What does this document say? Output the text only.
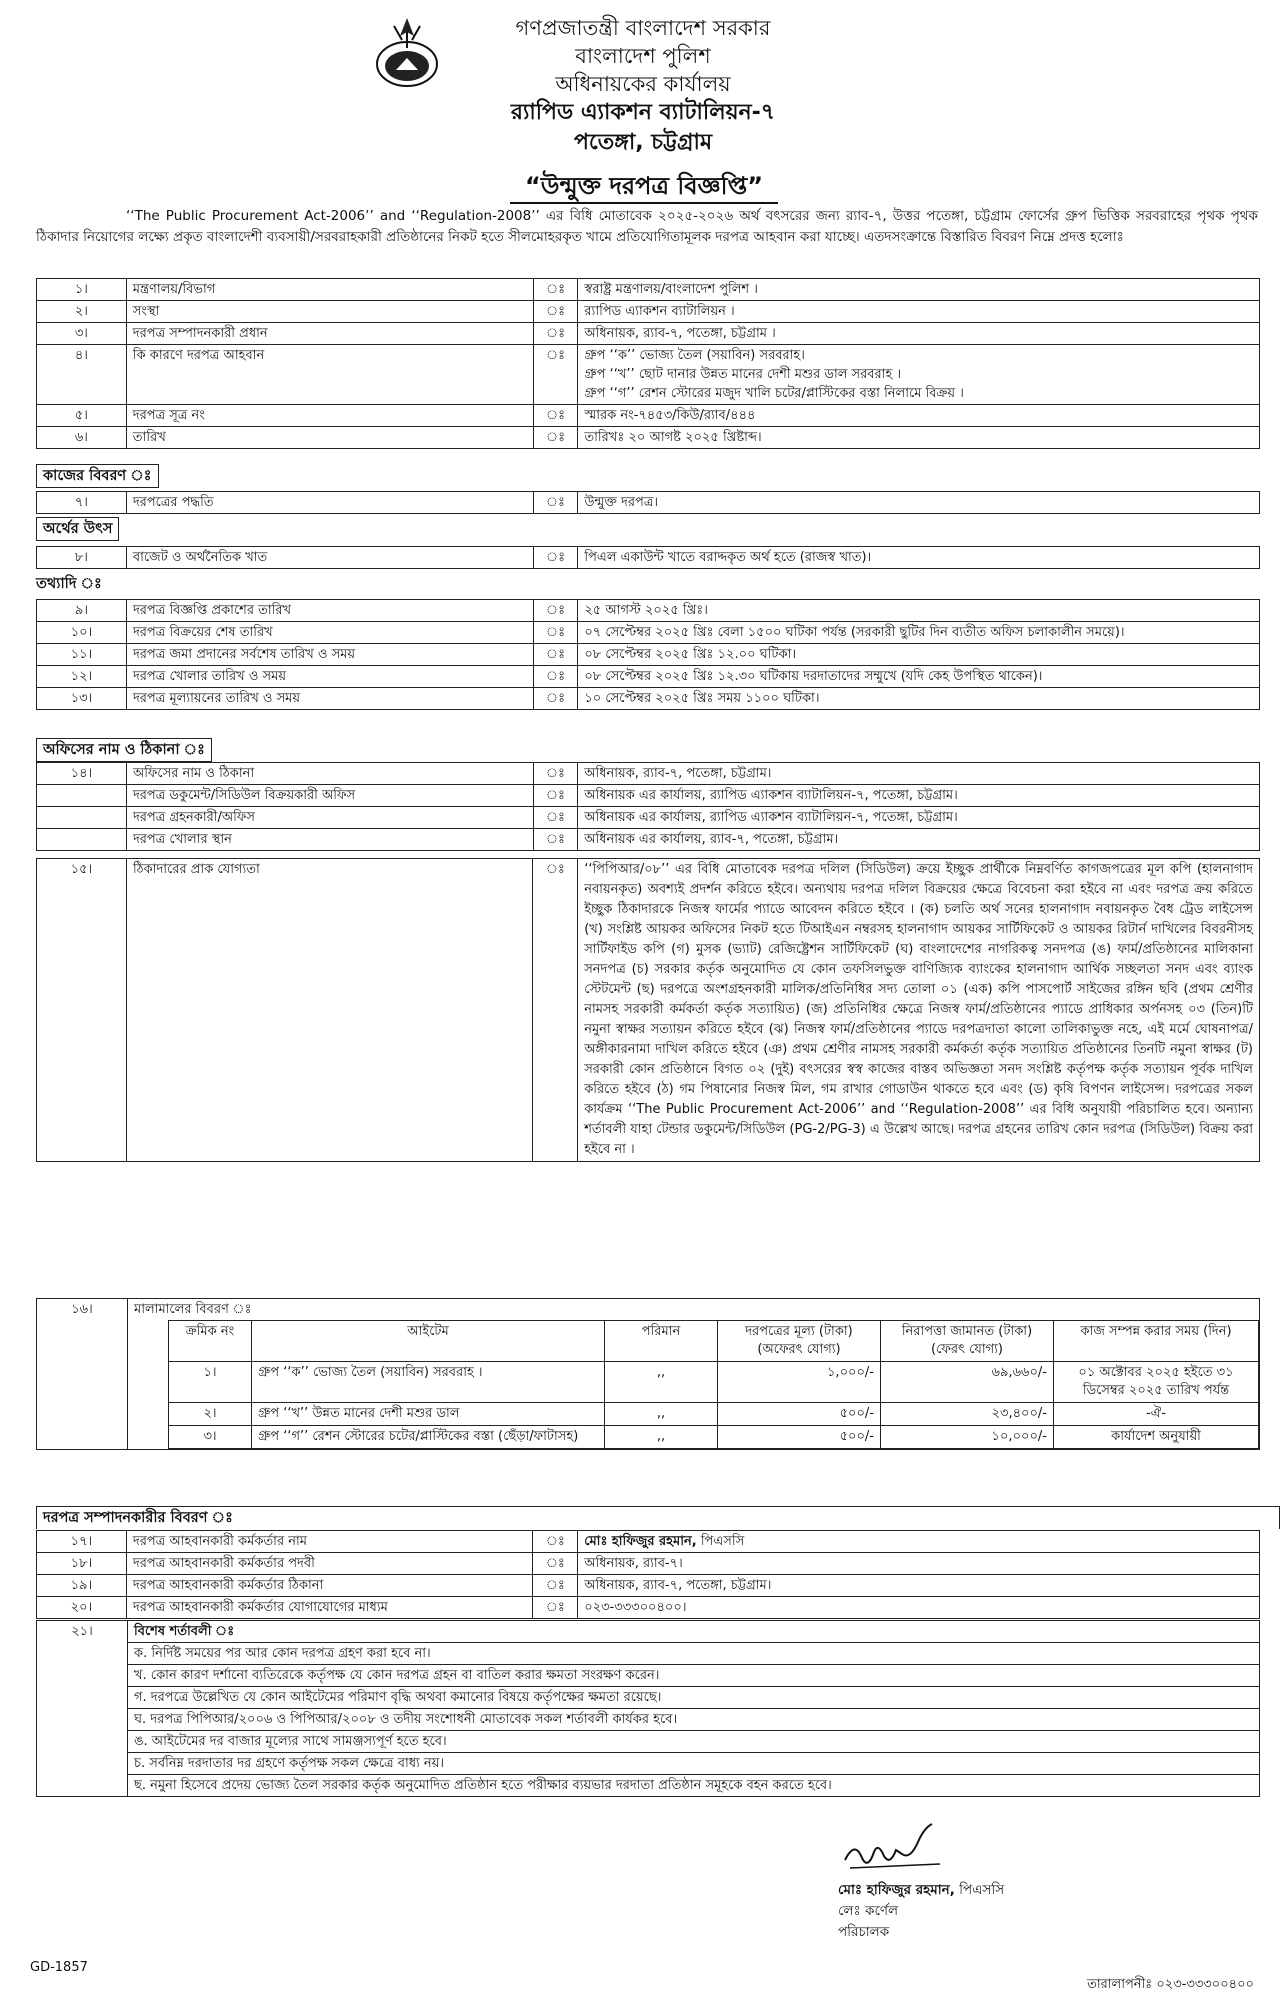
গণপ্রজাতন্ত্রী বাংলাদেশ সরকার
বাংলাদেশ পুলিশ
অধিনায়কের কার্যালয়
র‌্যাপিড এ্যাকশন ব্যাটালিয়ন-৭
পতেঙ্গা, চট্টগ্রাম
“উন্মুক্ত দরপত্র বিজ্ঞপ্তি”
‘‘The Public Procurement Act-2006’’ and ‘‘Regulation-2008’’ এর বিধি মোতাবেক ২০২৫-২০২৬ অর্থ বৎসরের জন্য র‌্যাব-৭, উত্তর পতেঙ্গা, চট্টগ্রাম ফোর্সের গ্রুপ ভিত্তিক সরবরাহের পৃথক পৃথক ঠিকাদার নিয়োগের লক্ষ্যে প্রকৃত বাংলাদেশী ব্যবসায়ী/সরবরাহকারী প্রতিষ্ঠানের নিকট হতে সীলমোহরকৃত খামে প্রতিযোগিতামূলক দরপত্র আহবান করা যাচ্ছে। এতদসংক্রান্তে বিস্তারিত বিবরণ নিম্নে প্রদত্ত হলোঃ
১।	মন্ত্রণালয়/বিভাগ	ঃ	স্বরাষ্ট্র মন্ত্রণালয়/বাংলাদেশ পুলিশ ।
২।	সংস্থা	ঃ	র‌্যাপিড এ্যাকশন ব্যাটালিয়ন ।
৩।	দরপত্র সম্পাদনকারী প্রধান	ঃ	অধিনায়ক, র‌্যাব-৭, পতেঙ্গা, চট্টগ্রাম ।
৪।	কি কারণে দরপত্র আহবান	ঃ	গ্রুপ ‘‘ক’’ ভোজ্য তৈল (সয়াবিন) সরবরাহ।
গ্রুপ ‘‘খ’’ ছোট দানার উন্নত মানের দেশী মশুর ডাল সরবরাহ ।
গ্রুপ ‘‘গ’’ রেশন স্টোরের মজুদ খালি চটের/প্লাস্টিকের বস্তা নিলামে বিক্রয় ।

৫।	দরপত্র সূত্র নং	ঃ	স্মারক নং-৭৪৫৩/কিউ/র‌্যাব/৪৪৪
৬।	তারিখ	ঃ	তারিখঃ ২০ আগষ্ট ২০২৫ খ্রিষ্টাব্দ।
কাজের বিবরণ ঃ
৭।	দরপত্রের পদ্ধতি	ঃ	উন্মুক্ত দরপত্র।
অর্থের উৎস
৮।	বাজেট ও অর্থনৈতিক খাত	ঃ	পিএল একাউন্ট খাতে বরাদ্দকৃত অর্থ হতে (রাজস্ব খাত)।
তথ্যাদি ঃ
৯।	দরপত্র বিজ্ঞপ্তি প্রকাশের তারিখ	ঃ	২৫ আগস্ট ২০২৫ খ্রিঃ।
১০।	দরপত্র বিক্রয়ের শেষ তারিখ	ঃ	০৭ সেপ্টেম্বর ২০২৫ খ্রিঃ বেলা ১৫০০ ঘটিকা পর্যন্ত (সরকারী ছুটির দিন ব্যতীত অফিস চলাকালীন সময়ে)।
১১।	দরপত্র জমা প্রদানের সর্বশেষ তারিখ ও সময়	ঃ	০৮ সেপ্টেম্বর ২০২৫ খ্রিঃ ১২.০০ ঘটিকা।
১২।	দরপত্র খোলার তারিখ ও সময়	ঃ	০৮ সেপ্টেম্বর ২০২৫ খ্রিঃ ১২.৩০ ঘটিকায় দরদাতাদের সম্মুখে (যদি কেহ উপস্থিত থাকেন)।
১৩।	দরপত্র মূল্যায়নের তারিখ ও সময়	ঃ	১০ সেপ্টেম্বর ২০২৫ খ্রিঃ সময় ১১০০ ঘটিকা।
অফিসের নাম ও ঠিকানা ঃ
১৪।	অফিসের নাম ও ঠিকানা	ঃ	অধিনায়ক, র‌্যাব-৭, পতেঙ্গা, চট্টগ্রাম।
	দরপত্র ডকুমেন্ট/সিডিউল বিক্রয়কারী অফিস	ঃ	অধিনায়ক এর কার্যালয়, র‌্যাপিড এ্যাকশন ব্যাটালিয়ন-৭, পতেঙ্গা, চট্টগ্রাম।
	দরপত্র গ্রহনকারী/অফিস	ঃ	অধিনায়ক এর কার্যালয়, র‌্যাপিড এ্যাকশন ব্যাটালিয়ন-৭, পতেঙ্গা, চট্টগ্রাম।
	দরপত্র খোলার স্থান	ঃ	অধিনায়ক এর কার্যালয়, র‌্যাব-৭, পতেঙ্গা, চট্টগ্রাম।
১৫।	ঠিকাদারের প্রাক যোগ্যতা	ঃ	‘‘পিপিআর/০৮’’ এর বিধি মোতাবেক দরপত্র দলিল (সিডিউল) ক্রয়ে ইচ্ছুক প্রার্থীকে নিম্নবর্ণিত কাগজপত্রের মূল কপি (হালনাগাদ নবায়নকৃত) অবশ্যই প্রদর্শন করিতে হইবে। অন্যথায় দরপত্র দলিল বিক্রয়ের ক্ষেত্রে বিবেচনা করা হইবে না এবং দরপত্র ক্রয় করিতে ইচ্ছুক ঠিকাদারকে নিজস্ব ফার্মের প্যাডে আবেদন করিতে হইবে । (ক) চলতি অর্থ সনের হালনাগাদ নবায়নকৃত বৈধ ট্রেড লাইসেন্স (খ) সংশ্লিষ্ট আয়কর অফিসের নিকট হতে টিআইএন নম্বরসহ হালনাগাদ আয়কর সার্টিফিকেট ও আয়কর রিটার্ন দাখিলের বিবরনীসহ সার্টিফাইড কপি (গ) মুসক (ভ্যাট) রেজিষ্ট্রেশন সার্টিফিকেট (ঘ) বাংলাদেশের নাগরিকত্ব সনদপত্র (ঙ) ফার্ম/প্রতিষ্ঠানের মালিকানা সনদপত্র (চ) সরকার কর্তৃক অনুমোদিত যে কোন তফসিলভুক্ত বাণিজ্যিক ব্যাংকের হালনাগাদ আর্থিক সচ্ছলতা সনদ এবং ব্যাংক স্টেটমেন্ট (ছ) দরপত্রে অংশগ্রহনকারী মালিক/প্রতিনিধির সদ্য তোলা ০১ (এক) কপি পাসপোর্ট সাইজের রঙ্গিন ছবি (প্রথম শ্রেণীর নামসহ সরকারী কর্মকর্তা কর্তৃক সত্যায়িত) (জ) প্রতিনিধির ক্ষেত্রে নিজস্ব ফার্ম/প্রতিষ্ঠানের প্যাডে প্রাধিকার অর্পনসহ ০৩ (তিন)টি নমুনা স্বাক্ষর সত্যায়ন করিতে হইবে (ঝ) নিজস্ব ফার্ম/প্রতিষ্ঠানের প্যাডে দরপত্রদাতা কালো তালিকাভুক্ত নহে, এই মর্মে ঘোষনাপত্র/অঙ্গীকারনামা দাখিল করিতে হইবে (ঞ) প্রথম শ্রেণীর নামসহ সরকারী কর্মকর্তা কর্তৃক সত্যায়িত প্রতিষ্ঠানের তিনটি নমুনা স্বাক্ষর (ট) সরকারী কোন প্রতিষ্ঠানে বিগত ০২ (দুই) বৎসরের স্বস্ব কাজের বাস্তব অভিজ্ঞতা সনদ সংশ্লিষ্ট কর্তৃপক্ষ কর্তৃক সত্যায়ন পূর্বক দাখিল করিতে হইবে (ঠ) গম পিষানোর নিজস্ব মিল, গম রাখার গোডাউন থাকতে হবে এবং (ড) কৃষি বিপণন লাইসেন্স। দরপত্রের সকল কার্যক্রম ‘‘The Public Procurement Act-2006’’ and ‘‘Regulation-2008’’ এর বিধি অনুযায়ী পরিচালিত হবে। অন্যান্য শর্তাবলী যাহা টেন্ডার ডকুমেন্ট/সিডিউল (PG-2/PG-3) এ উল্লেখ আছে। দরপত্র গ্রহনের তারিখ কোন দরপত্র (সিডিউল) বিক্রয় করা হইবে না ।
১৬।	মালামালের বিবরণ ঃ

ক্রমিক নং	আইটেম	পরিমান	দরপত্রের মূল্য (টাকা) (অফেরৎ যোগ্য)	নিরাপত্তা জামানত (টাকা) (ফেরৎ যোগ্য)	কাজ সম্পন্ন করার সময় (দিন)
১।	গ্রুপ ‘‘ক’’ ভোজ্য তৈল (সয়াবিন) সরবরাহ ।	,,	১,০০০/-	৬৯,৬৬০/-	০১ অক্টোবর ২০২৫ হইতে ৩১ ডিসেম্বর ২০২৫ তারিখ পর্যন্ত
২।	গ্রুপ ‘‘খ’’ উন্নত মানের দেশী মশুর ডাল	,,	৫০০/-	২৩,৪০০/-	-ঐ-
৩।	গ্রুপ ‘‘গ’’ রেশন স্টোরের চটের/প্লাস্টিকের বস্তা (ছেঁড়া/ফাটাসহ)	,,	৫০০/-	১০,০০০/-	কার্যাদেশ অনুযায়ী
দরপত্র সম্পাদনকারীর বিবরণ ঃ
১৭।	দরপত্র আহবানকারী কর্মকর্তার নাম	ঃ	মোঃ হাফিজুর রহমান, পিএসসি
১৮।	দরপত্র আহবানকারী কর্মকর্তার পদবী	ঃ	অধিনায়ক, র‌্যাব-৭।
১৯।	দরপত্র আহবানকারী কর্মকর্তার ঠিকানা	ঃ	অধিনায়ক, র‌্যাব-৭, পতেঙ্গা, চট্টগ্রাম।
২০।	দরপত্র আহবানকারী কর্মকর্তার যোগাযোগের মাধ্যম	ঃ	০২৩-৩৩৩০০৪০০।
২১।	বিশেষ শর্তাবলী ঃ
ক. নির্দিষ্ট সময়ের পর আর কোন দরপত্র গ্রহণ করা হবে না।
খ. কোন কারণ দর্শানো ব্যতিরেকে কর্তৃপক্ষ যে কোন দরপত্র গ্রহন বা বাতিল করার ক্ষমতা সংরক্ষণ করেন।
গ. দরপত্রে উল্লেখিত যে কোন আইটেমের পরিমাণ বৃদ্ধি অথবা কমানোর বিষয়ে কর্তৃপক্ষের ক্ষমতা রয়েছে।
ঘ. দরপত্র পিপিআর/২০০৬ ও পিপিআর/২০০৮ ও তদীয় সংশোধনী মোতাবেক সকল শর্তাবলী কার্যকর হবে।
ঙ. আইটেমের দর বাজার মূল্যের সাথে সামঞ্জস্যপূর্ণ হতে হবে।
চ. সর্বনিম্ন দরদাতার দর গ্রহণে কর্তৃপক্ষ সকল ক্ষেত্রে বাধ্য নয়।
ছ. নমুনা হিসেবে প্রদেয় ভোজ্য তৈল সরকার কর্তৃক অনুমোদিত প্রতিষ্ঠান হতে পরীক্ষার ব্যয়ভার দরদাতা প্রতিষ্ঠান সমূহকে বহন করতে হবে।
মোঃ হাফিজুর রহমান, পিএসসি
লেঃ কর্ণেল
পরিচালক
GD-1857
তারালাপনীঃ ০২৩-৩৩৩০০৪০০
